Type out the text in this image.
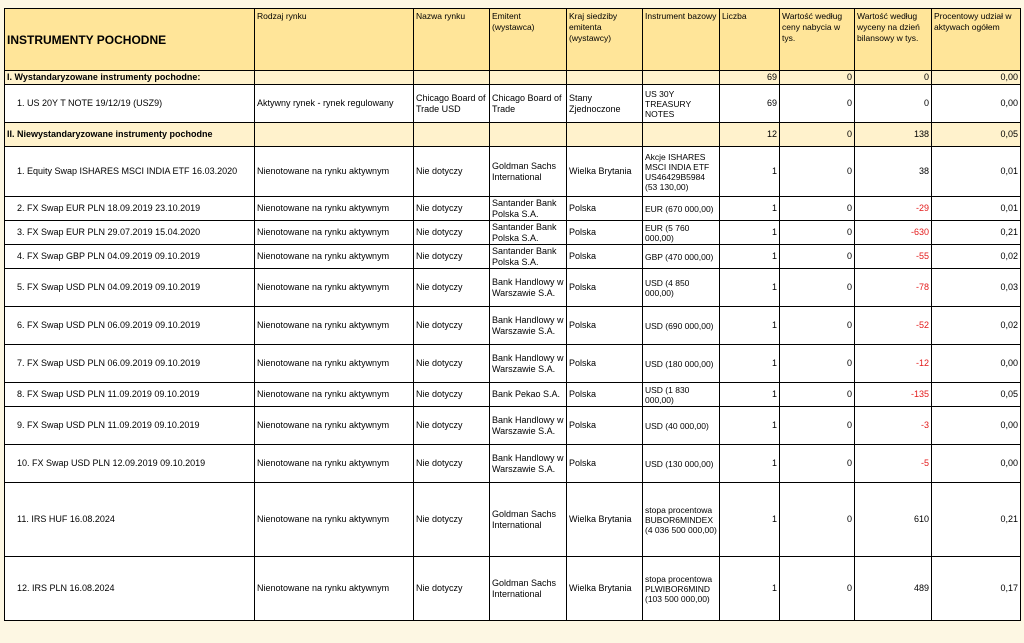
INSTRUMENTY POCHODNE	Rodzaj rynku	Nazwa rynku	Emitent (wystawca)	Kraj siedziby emitenta (wystawcy)	Instrument bazowy	Liczba	Wartość według ceny nabycia w tys.	Wartość według wyceny na dzień bilansowy w tys.	Procentowy udział w aktywach ogółem
I. Wystandaryzowane instrumenty pochodne:						69	0	0	0,00
1. US 20Y T NOTE 19/12/19 (USZ9)	Aktywny rynek - rynek regulowany	Chicago Board of Trade USD	Chicago Board of Trade	Stany Zjednoczone	US 30Y TREASURY NOTES	69	0	0	0,00
II. Niewystandaryzowane instrumenty pochodne						12	0	138	0,05
1. Equity Swap ISHARES MSCI INDIA ETF 16.03.2020	Nienotowane na rynku aktywnym	Nie dotyczy	Goldman Sachs International	Wielka Brytania	Akcje ISHARES MSCI INDIA ETF US46429B5984 (53 130,00)	1	0	38	0,01
2. FX Swap EUR PLN 18.09.2019 23.10.2019	Nienotowane na rynku aktywnym	Nie dotyczy	Santander Bank Polska S.A.	Polska	EUR (670 000,00)	1	0	-29	0,01
3. FX Swap EUR PLN 29.07.2019 15.04.2020	Nienotowane na rynku aktywnym	Nie dotyczy	Santander Bank Polska S.A.	Polska	EUR (5 760 000,00)	1	0	-630	0,21
4. FX Swap GBP PLN 04.09.2019 09.10.2019	Nienotowane na rynku aktywnym	Nie dotyczy	Santander Bank Polska S.A.	Polska	GBP (470 000,00)	1	0	-55	0,02
5. FX Swap USD PLN 04.09.2019 09.10.2019	Nienotowane na rynku aktywnym	Nie dotyczy	Bank Handlowy w Warszawie S.A.	Polska	USD (4 850 000,00)	1	0	-78	0,03
6. FX Swap USD PLN 06.09.2019 09.10.2019	Nienotowane na rynku aktywnym	Nie dotyczy	Bank Handlowy w Warszawie S.A.	Polska	USD (690 000,00)	1	0	-52	0,02
7. FX Swap USD PLN 06.09.2019 09.10.2019	Nienotowane na rynku aktywnym	Nie dotyczy	Bank Handlowy w Warszawie S.A.	Polska	USD (180 000,00)	1	0	-12	0,00
8. FX Swap USD PLN 11.09.2019 09.10.2019	Nienotowane na rynku aktywnym	Nie dotyczy	Bank Pekao S.A.	Polska	USD (1 830 000,00)	1	0	-135	0,05
9. FX Swap USD PLN 11.09.2019 09.10.2019	Nienotowane na rynku aktywnym	Nie dotyczy	Bank Handlowy w Warszawie S.A.	Polska	USD (40 000,00)	1	0	-3	0,00
10. FX Swap USD PLN 12.09.2019 09.10.2019	Nienotowane na rynku aktywnym	Nie dotyczy	Bank Handlowy w Warszawie S.A.	Polska	USD (130 000,00)	1	0	-5	0,00
11. IRS HUF 16.08.2024	Nienotowane na rynku aktywnym	Nie dotyczy	Goldman Sachs International	Wielka Brytania	stopa procentowa BUBOR6MINDEX (4 036 500 000,00)	1	0	610	0,21
12. IRS PLN 16.08.2024	Nienotowane na rynku aktywnym	Nie dotyczy	Goldman Sachs International	Wielka Brytania	stopa procentowa PLWIBOR6MIND (103 500 000,00)	1	0	489	0,17
